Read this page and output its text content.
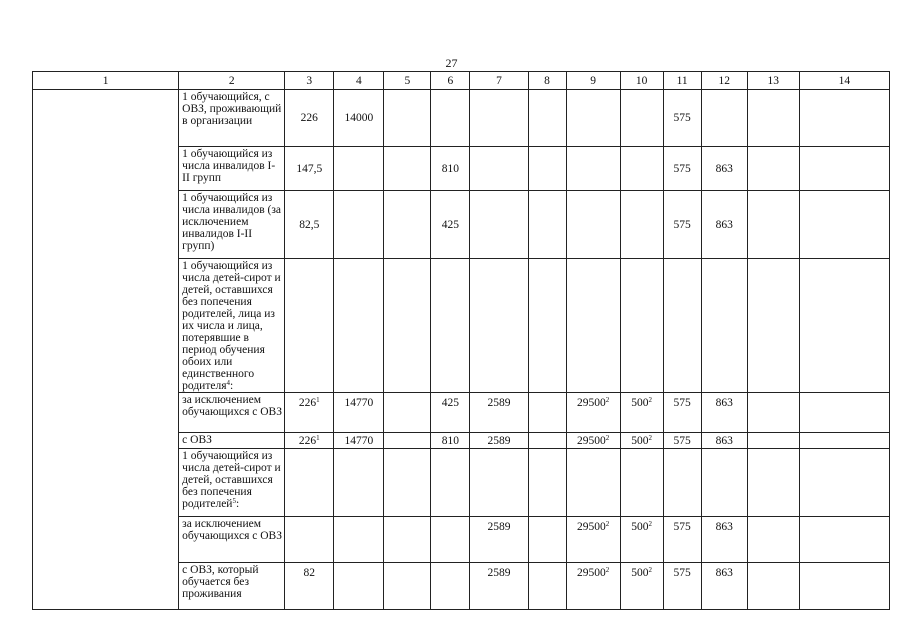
27
1	2	3	4	5	6	7	8	9	10	11	12	13	14
	1 обучающийся, с ОВЗ, проживающий в организации	226	14000							575			
	1 обучающийся из числа инвалидов I-II групп	147,5			810					575	863		
	1 обучающийся из числа инвалидов (за исключением инвалидов I-II групп)	82,5			425					575	863		
	1 обучающийся из числа детей-сирот и детей, оставшихся без попечения родителей, лица из их числа и лица, потерявшие в период обучения обоих или единственного родителя$^4$:												
	за исключением обучающихся с ОВЗ	$226^1$	14770		425	2589		29500$^2$	$500^2$	575	863		
	с ОВЗ	$226^1$	14770		810	2589		29500$^2$	$500^2$	575	863		
	1 обучающийся из числа детей-сирот и детей, оставшихся без попечения родителей$^5$:												
	за исключением обучающихся с ОВЗ					2589		29500$^2$	$500^2$	575	863		
	с ОВЗ, который обучается без проживания	82				2589		29500$^2$	$500^2$	575	863		
